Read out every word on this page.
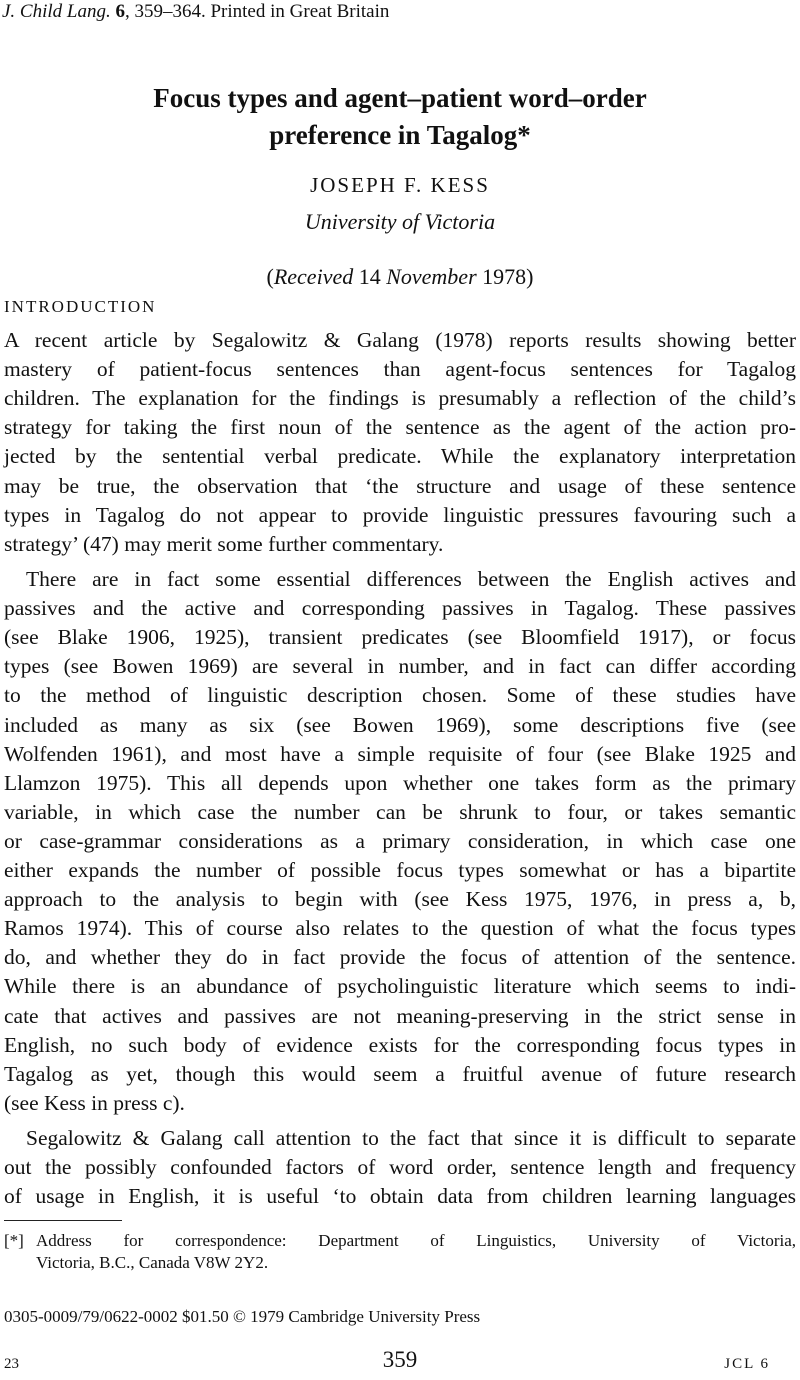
J. Child Lang. 6, 359–364. Printed in Great Britain
Focus types and agent–patient word–order
preference in Tagalog*
JOSEPH F. KESS
University of Victoria
(Received 14 November 1978)
INTRODUCTION
A recent article by Segalowitz & Galang (1978) reports results showing better
mastery of patient-focus sentences than agent-focus sentences for Tagalog
children. The explanation for the findings is presumably a reflection of the child’s
strategy for taking the first noun of the sentence as the agent of the action pro-
jected by the sentential verbal predicate. While the explanatory interpretation
may be true, the observation that ‘the structure and usage of these sentence
types in Tagalog do not appear to provide linguistic pressures favouring such a
strategy’ (47) may merit some further commentary.
There are in fact some essential differences between the English actives and
passives and the active and corresponding passives in Tagalog. These passives
(see Blake 1906, 1925), transient predicates (see Bloomfield 1917), or focus
types (see Bowen 1969) are several in number, and in fact can differ according
to the method of linguistic description chosen. Some of these studies have
included as many as six (see Bowen 1969), some descriptions five (see
Wolfenden 1961), and most have a simple requisite of four (see Blake 1925 and
Llamzon 1975). This all depends upon whether one takes form as the primary
variable, in which case the number can be shrunk to four, or takes semantic
or case-grammar considerations as a primary consideration, in which case one
either expands the number of possible focus types somewhat or has a bipartite
approach to the analysis to begin with (see Kess 1975, 1976, in press a, b,
Ramos 1974). This of course also relates to the question of what the focus types
do, and whether they do in fact provide the focus of attention of the sentence.
While there is an abundance of psycholinguistic literature which seems to indi-
cate that actives and passives are not meaning-preserving in the strict sense in
English, no such body of evidence exists for the corresponding focus types in
Tagalog as yet, though this would seem a fruitful avenue of future research
(see Kess in press c).
Segalowitz & Galang call attention to the fact that since it is difficult to separate
out the possibly confounded factors of word order, sentence length and frequency
of usage in English, it is useful ‘to obtain data from children learning languages
[*] Address for correspondence: Department of Linguistics, University of Victoria,
Victoria, B.C., Canada V8W 2Y2.
0305-0009/79/0622-0002 $01.50 © 1979 Cambridge University Press
23	359	JCL 6
